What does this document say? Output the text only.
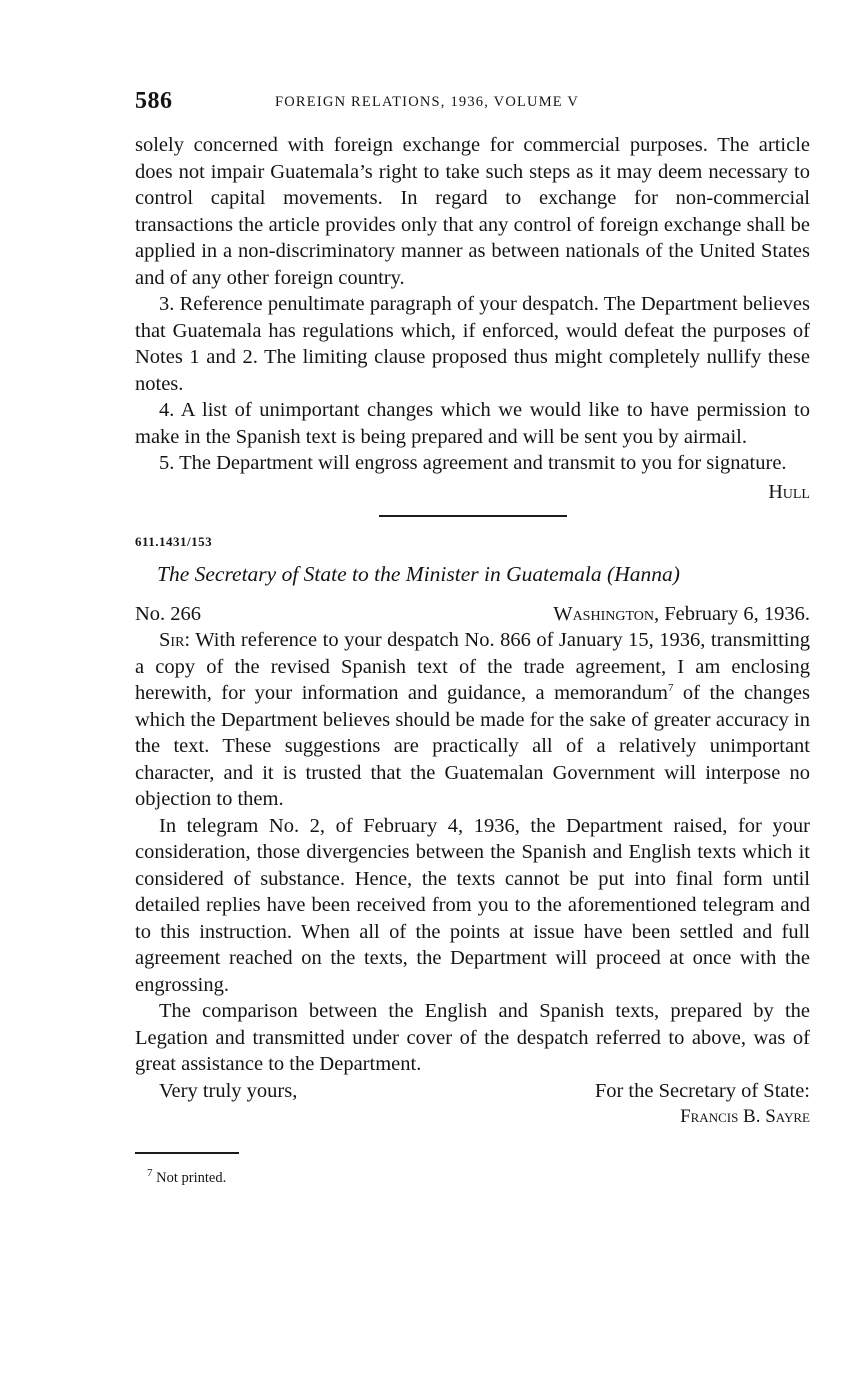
586	FOREIGN RELATIONS, 1936, VOLUME V

solely concerned with foreign exchange for commercial purposes. The article does not impair Guatemala’s right to take such steps as it may deem necessary to control capital movements. In regard to exchange for non-commercial transactions the article provides only that any control of foreign exchange shall be applied in a non-discriminatory manner as between nationals of the United States and of any other foreign country.

3. Reference penultimate paragraph of your despatch. The Department believes that Guatemala has regulations which, if enforced, would defeat the purposes of Notes 1 and 2. The limiting clause proposed thus might completely nullify these notes.

4. A list of unimportant changes which we would like to have permission to make in the Spanish text is being prepared and will be sent you by airmail.

5. The Department will engross agreement and transmit to you for signature.

Hull
611.1431/153
The Secretary of State to the Minister in Guatemala (Hanna)
No. 266	Washington, February 6, 1936.

Sir: With reference to your despatch No. 866 of January 15, 1936, transmitting a copy of the revised Spanish text of the trade agreement, I am enclosing herewith, for your information and guidance, a memorandum$^7$ of the changes which the Department believes should be made for the sake of greater accuracy in the text. These suggestions are practically all of a relatively unimportant character, and it is trusted that the Guatemalan Government will interpose no objection to them.

In telegram No. 2, of February 4, 1936, the Department raised, for your consideration, those divergencies between the Spanish and English texts which it considered of substance. Hence, the texts cannot be put into final form until detailed replies have been received from you to the aforementioned telegram and to this instruction. When all of the points at issue have been settled and full agreement reached on the texts, the Department will proceed at once with the engrossing.

The comparison between the English and Spanish texts, prepared by the Legation and transmitted under cover of the despatch referred to above, was of great assistance to the Department.

Very truly yours,	For the Secretary of State:
Francis B. Sayre
$^7$ Not printed.
